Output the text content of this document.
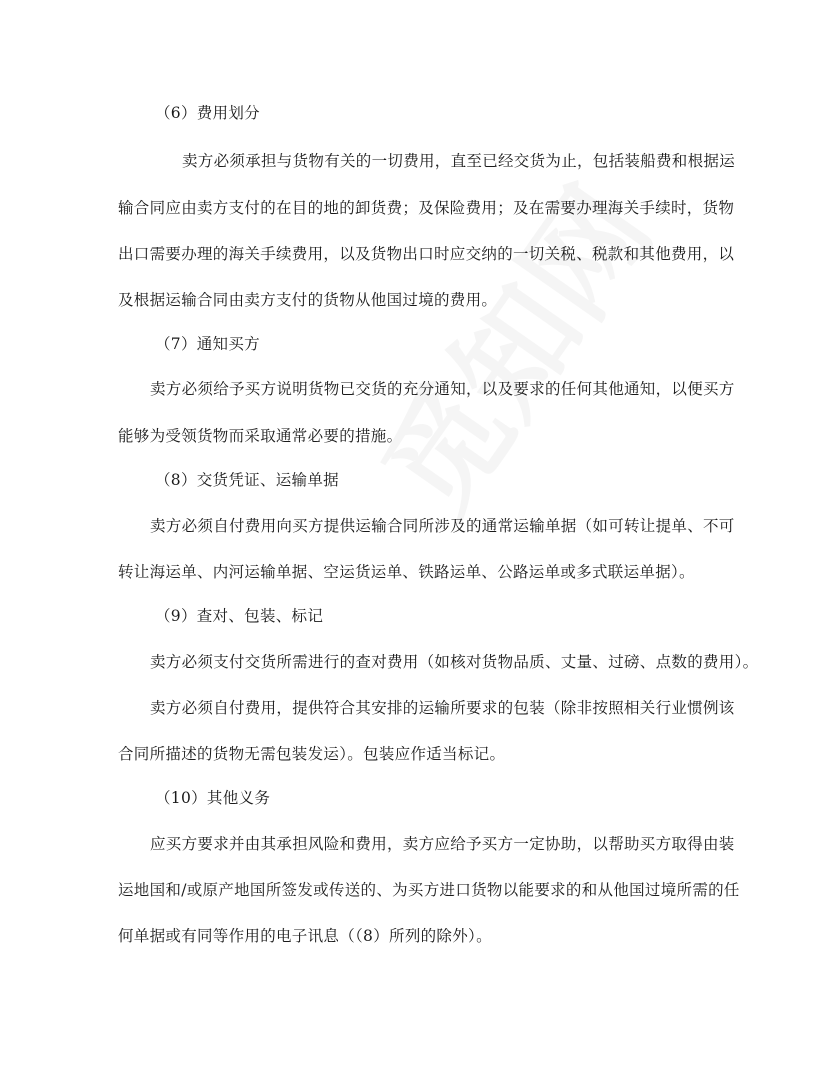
（6）费用划分
卖方必须承担与货物有关的一切费用，直至已经交货为止，包括装船费和根据运
输合同应由卖方支付的在目的地的卸货费；及保险费用；及在需要办理海关手续时，货物
出口需要办理的海关手续费用，以及货物出口时应交纳的一切关税、税款和其他费用，以
及根据运输合同由卖方支付的货物从他国过境的费用。
（7）通知买方
卖方必须给予买方说明货物已交货的充分通知，以及要求的任何其他通知，以便买方
能够为受领货物而采取通常必要的措施。
（8）交货凭证、运输单据
卖方必须自付费用向买方提供运输合同所涉及的通常运输单据（如可转让提单、不可
转让海运单、内河运输单据、空运货运单、铁路运单、公路运单或多式联运单据）。
（9）查对、包装、标记
卖方必须支付交货所需进行的查对费用（如核对货物品质、丈量、过磅、点数的费用）。
卖方必须自付费用，提供符合其安排的运输所要求的包装（除非按照相关行业惯例该
合同所描述的货物无需包装发运）。包装应作适当标记。
（10）其他义务
应买方要求并由其承担风险和费用，卖方应给予买方一定协助，以帮助买方取得由装
运地国和/或原产地国所签发或传送的、为买方进口货物以能要求的和从他国过境所需的任
何单据或有同等作用的电子讯息（（8）所列的除外）。
